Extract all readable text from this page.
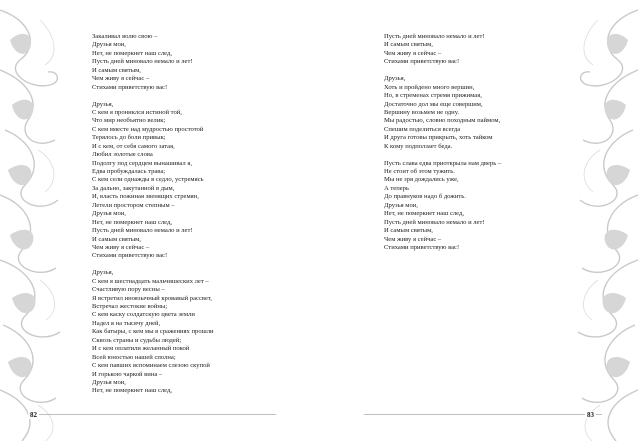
Закаливал волю свою –
Друзья мои,
Нет, не померкнет наш след,
Пусть дней миновало немало и лет!
И самым святым,
Чем живу я сейчас –
Стихами приветствую вас!
Друзья,
С кем я прониклся истиной той,
Что мир необъятно велик;
С кем вместе над мудростью простотой
Терялось до боли привык;
И с кем, от себя самого затая,
Любил золотые слова
Подолгу под сердцем вынашивал я,
Едва пробуждалась трава;
С кем сели однажды в седло, устремясь
За дально, закутанной в дым,
И, власть пожиная звенящих стремян,
Летели простором степным –
Друзья мои,
Нет, не померкнет наш след,
Пусть дней миновало немало и лет!
И самым святым,
Чем живу я сейчас –
Стихами приветствую вас!
Друзья,
С кем я шестнадцать мальчишеских лет –
Счастливую пору весны –
Я встретил иноязычный кровавый рассвет,
Встречал жестокие войны;
С кем каску солдатскую цвета земли
Надел я на тысячу дней,
Как батыры, с кем мы в сражениях прошли
Сквозь страны и судьбы людей;
И с кем оплатили желанный покой
Всей юностью нашей сполна;
С кем павших вспоминаем слезою скупой
И горькою чаркой вина –
Друзья мои,
Нет, не померкнет наш след,
82
Пусть дней миновало немало и лет!
И самым святым,
Чем живу я сейчас –
Стихами приветствую вас!
Друзья,
Хоть и пройдено много вершин,
Но, в стременах стремя прижимая,
Достаточно дол мы еще совершим,
Вершину возьмем не одну.
Мы радостью, словно походным паймом,
Спешим поделиться всегда
И друга готовы прикрыть, хоть тайком
К кому подползает беда.
Пусть слава едва приоткрыла нам дверь –
Не стоит об этом тужить.
Мы не зря дождались уже,
А теперь
До правнуков надо б дожить.
Друзья мои,
Нет, не померкнет наш след,
Пусть дней миновало немало и лет!
И самым святым,
Чем живу я сейчас –
Стихами приветствую вас!
83
